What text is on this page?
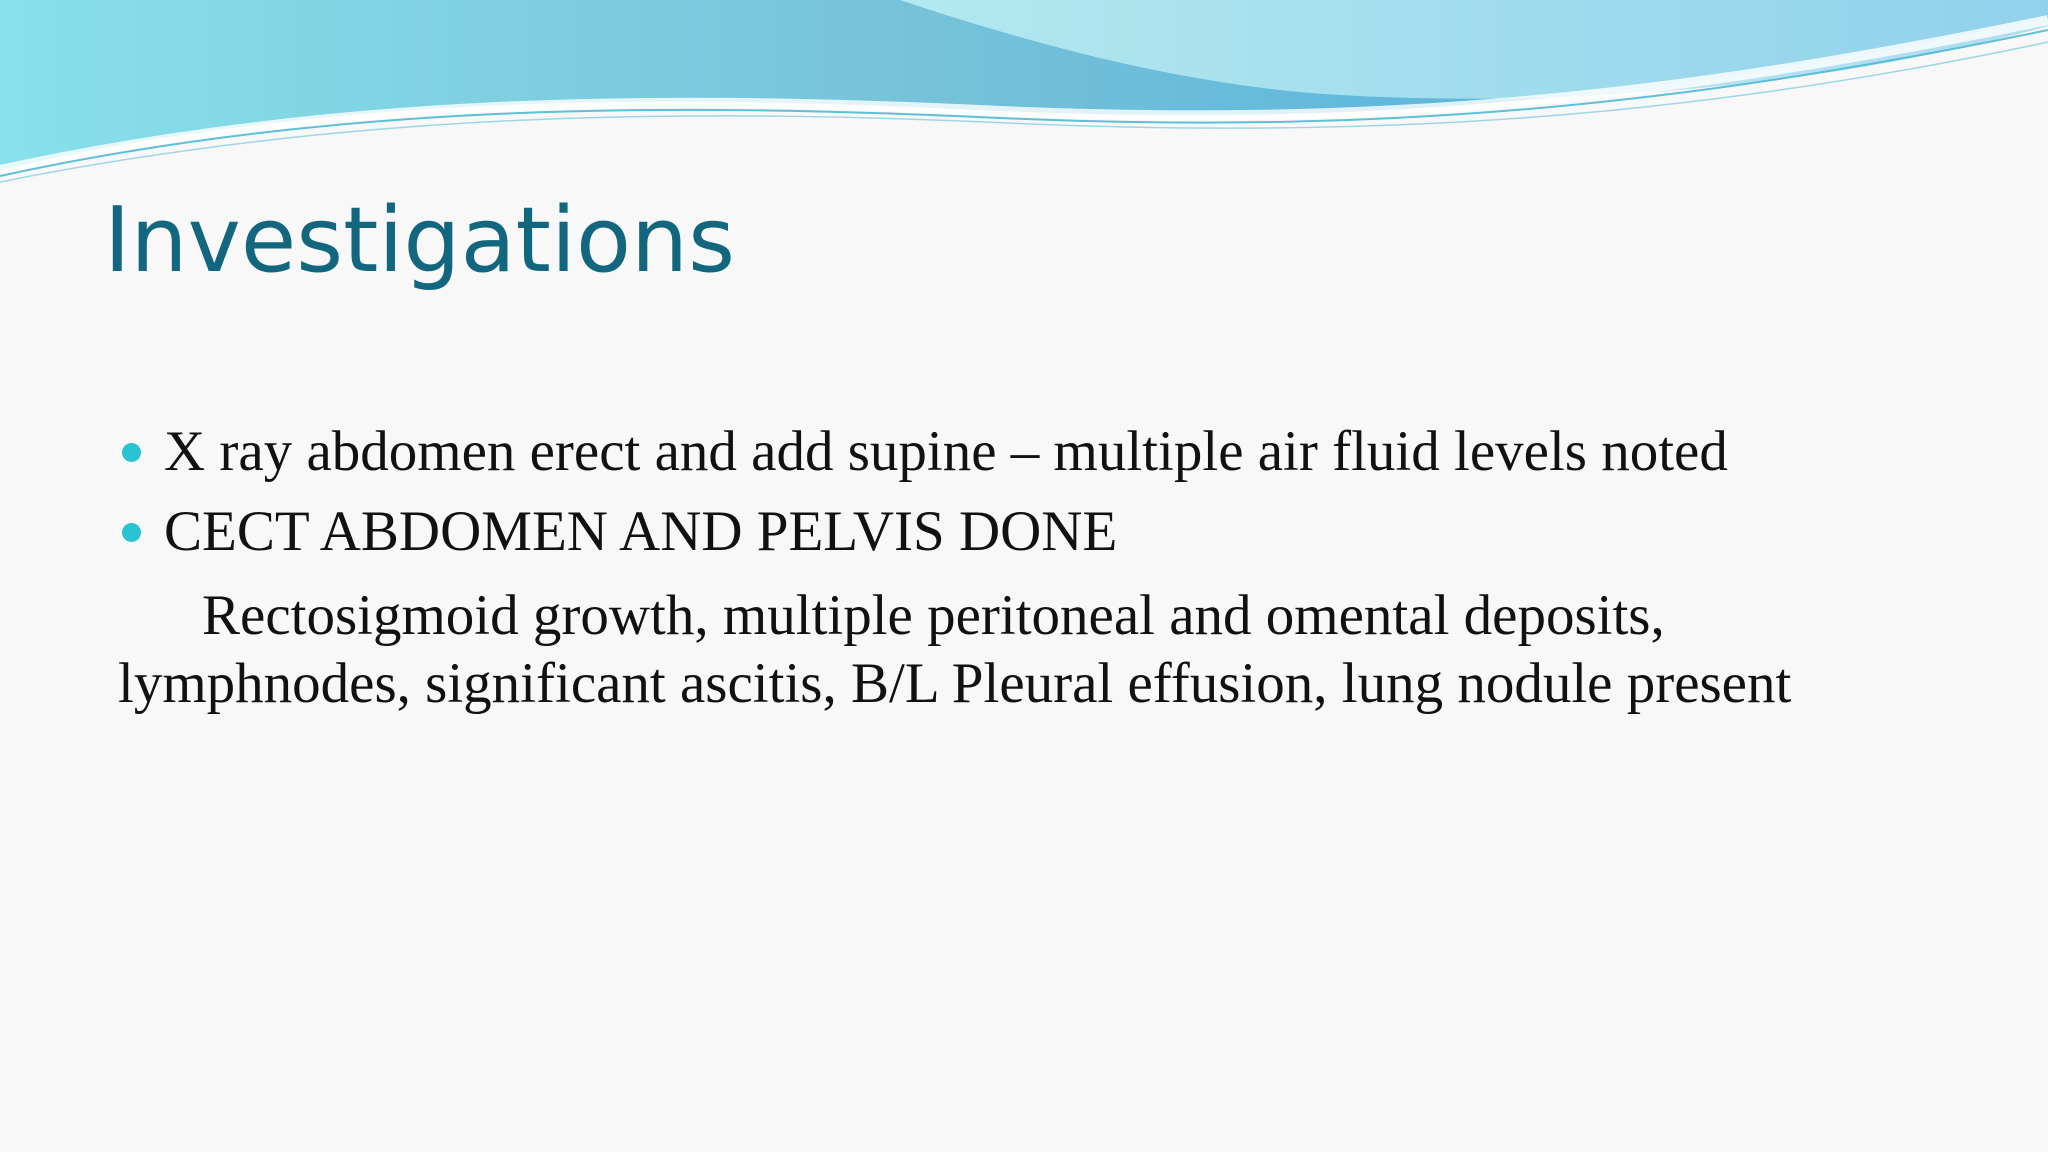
Investigations
X ray abdomen erect and add supine – multiple air fluid levels noted
CECT ABDOMEN AND PELVIS DONE
Rectosigmoid growth, multiple peritoneal and omental deposits,
lymphnodes, significant ascitis, B/L Pleural effusion, lung nodule present
